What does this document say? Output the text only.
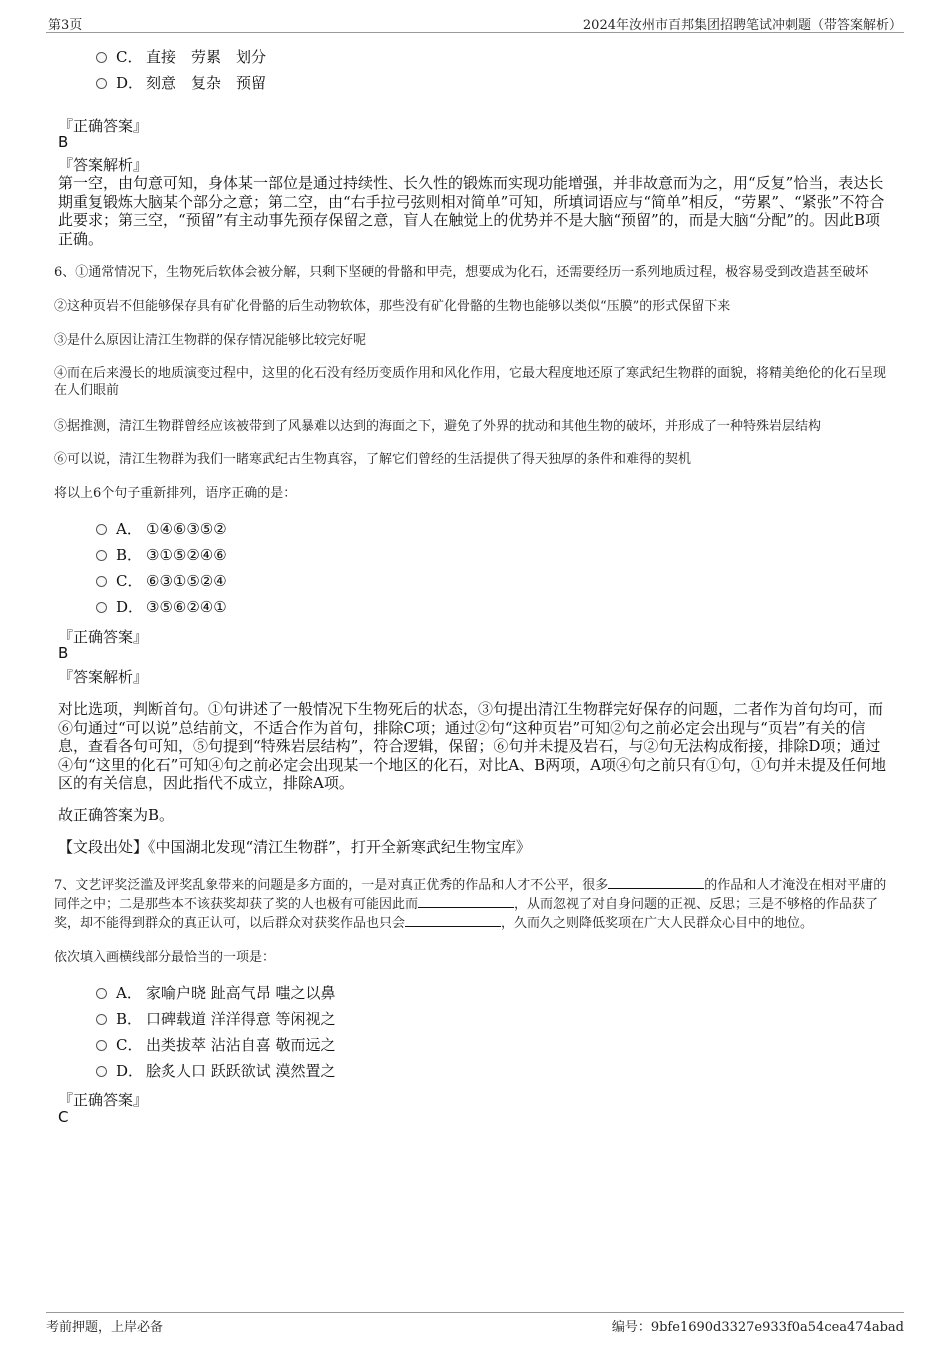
第3页	2024年汝州市百邦集团招聘笔试冲刺题（带答案解析）
C． 直接　劳累　划分
D． 刻意　复杂　预留
『正确答案』
B
『答案解析』
第一空，由句意可知，身体某一部位是通过持续性、长久性的锻炼而实现功能增强，并非故意而为之，用“反复”恰当，表达长期重复锻炼大脑某个部分之意；第二空，由“右手拉弓弦则相对简单”可知，所填词语应与“简单”相反，“劳累”、“紧张”不符合此要求；第三空，“预留”有主动事先预存保留之意，盲人在触觉上的优势并不是大脑“预留”的，而是大脑“分配”的。因此B项正确。
6、①通常情况下，生物死后软体会被分解，只剩下坚硬的骨骼和甲壳，想要成为化石，还需要经历一系列地质过程，极容易受到改造甚至破坏
②这种页岩不但能够保存具有矿化骨骼的后生动物软体，那些没有矿化骨骼的生物也能够以类似“压膜”的形式保留下来
③是什么原因让清江生物群的保存情况能够比较完好呢
④而在后来漫长的地质演变过程中，这里的化石没有经历变质作用和风化作用，它最大程度地还原了寒武纪生物群的面貌，将精美绝伦的化石呈现在人们眼前
⑤据推测，清江生物群曾经应该被带到了风暴难以达到的海面之下，避免了外界的扰动和其他生物的破坏，并形成了一种特殊岩层结构
⑥可以说，清江生物群为我们一睹寒武纪古生物真容，了解它们曾经的生活提供了得天独厚的条件和难得的契机
将以上6个句子重新排列，语序正确的是：
A． ①④⑥③⑤②
B． ③①⑤②④⑥
C． ⑥③①⑤②④
D． ③⑤⑥②④①
『正确答案』
B
『答案解析』
对比选项，判断首句。①句讲述了一般情况下生物死后的状态，③句提出清江生物群完好保存的问题，二者作为首句均可，而⑥句通过“可以说”总结前文，不适合作为首句，排除C项；通过②句“这种页岩”可知②句之前必定会出现与“页岩”有关的信息，查看各句可知，⑤句提到“特殊岩层结构”，符合逻辑，保留；⑥句并未提及岩石，与②句无法构成衔接，排除D项；通过④句“这里的化石”可知④句之前必定会出现某一个地区的化石，对比A、B两项，A项④句之前只有①句，①句并未提及任何地区的有关信息，因此指代不成立，排除A项。
故正确答案为B。
【文段出处】《中国湖北发现“清江生物群”，打开全新寒武纪生物宝库》
7、文艺评奖泛滥及评奖乱象带来的问题是多方面的，一是对真正优秀的作品和人才不公平，很多	的作品和人才淹没在相对平庸的同伴之中；二是那些本不该获奖却获了奖的人也极有可能因此而	，从而忽视了对自身问题的正视、反思；三是不够格的作品获了奖，却不能得到群众的真正认可，以后群众对获奖作品也只会	，久而久之则降低奖项在广大人民群众心目中的地位。
依次填入画横线部分最恰当的一项是：
A． 家喻户晓 趾高气昂 嗤之以鼻
B． 口碑载道 洋洋得意 等闲视之
C． 出类拔萃 沾沾自喜 敬而远之
D． 脍炙人口 跃跃欲试 漠然置之
『正确答案』
C
考前押题，上岸必备	编号：9bfe1690d3327e933f0a54cea474abad
